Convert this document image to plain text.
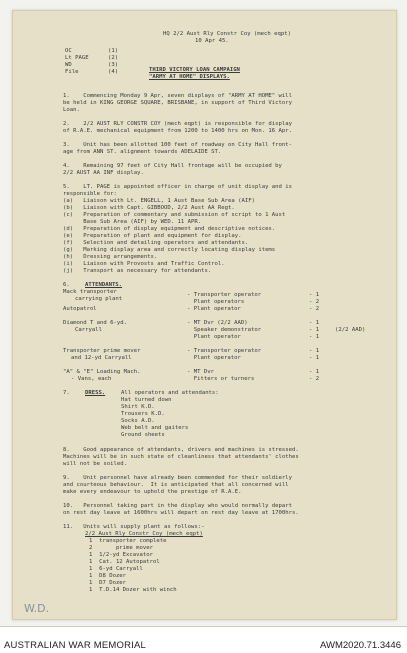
HQ 2/2 Aust Rly Constr Coy (mech eqpt)
10 Apr 45.
OC	(1)
Lt PAGE	(2)
WD	(3)
File	(4)	THIRD VICTORY LOAN CAMPAIGN
"ARMY AT HOME" DISPLAYS.
1.    Commencing Monday 9 Apr, seven displays of "ARMY AT HOME" will
be held in KING GEORGE SQUARE, BRISBANE, in support of Third Victory
Loan.
2.    2/2 AUST RLY CONSTR COY (mech eqpt) is responsible for display
of R.A.E. mechanical equipment from 1200 to 1400 hrs on Mon. 16 Apr.
3.    Unit has been allotted 100 feet of roadway on City Hall front-
age from ANN ST. alignment towards ADELAIDE ST.
4.    Remaining 97 feet of City Hall frontage will be occupied by
2/2 AUST AA INF display.
5.    LT. PAGE is appointed officer in charge of unit display and is
responsible for:
(a)   Liaison with Lt. ENGELL, 1 Aust Base Sub Area (AIF)
(b)   Liaison with Capt. GIBBOOD, 2/2 Aust AA Regt.
(c)   Preparation of commentary and submission of script to 1 Aust
Base Sub Area (AIF) by WED. 11 APR.
(d)   Preparation of display equipment and descriptive notices.
(e)   Preparation of plant and equipment for display.
(f)   Selection and detailing operators and attendants.
(g)   Marking display area and correctly locating display items
(h)   Dressing arrangements.
(i)   Liaison with Provosts and Traffic Control.
(j)   Transport as necessary for attendants.
6.	ATTENDANTS.
Mack transporter
carrying plant
- Transporter operator	- 1
Plant operators	- 2
Autopatrol	- Plant operator	- 2
Diamond T and 6-yd.
Carryall
- MT Dvr (2/2 AAD)	- 1
Speaker demonstrator	- 1	(2/2 AAD)
Plant operator	- 1
Transporter prime mover
and 12-yd Carryall
- Transporter operator	- 1
Plant operator	- 1
"A" & "E" Loading Mach.
- Vans, each
- MT Dvr	- 1
Fitters or turners	- 2
7.	DRESS.	All operators and attendants:
Hat turned down
Shirt K.D.
Trousers K.D.
Socks A.D.
Web belt and gaiters
Ground sheets
8.    Good appearance of attendants, drivers and machines is stressed.
Machines will be in such state of cleanliness that attendants' clothes
will not be soiled.
9.    Unit personnel have already been commended for their soldierly
and courteous behaviour.  It is anticipated that all concerned will
make every endeavour to uphold the prestige of R.A.E.
10.   Personnel taking part in the display who would normally depart
on rest day leave at 1600hrs will depart on rest day leave at 1700hrs.
11.   Units will supply plant as follows:-
2/2 Aust Rly Constr Coy (mech eqpt)
1  transporter complete
2       prime mover
1  1/2-yd Excavator
1  Cat. 12 Autopatrol
1  6-yd Carryall
1  D8 Dozer
1  D7 Dozer
1  T.D.14 Dozer with winch
W.D.
AUSTRALIAN WAR MEMORIAL	AWM2020.71.3446
